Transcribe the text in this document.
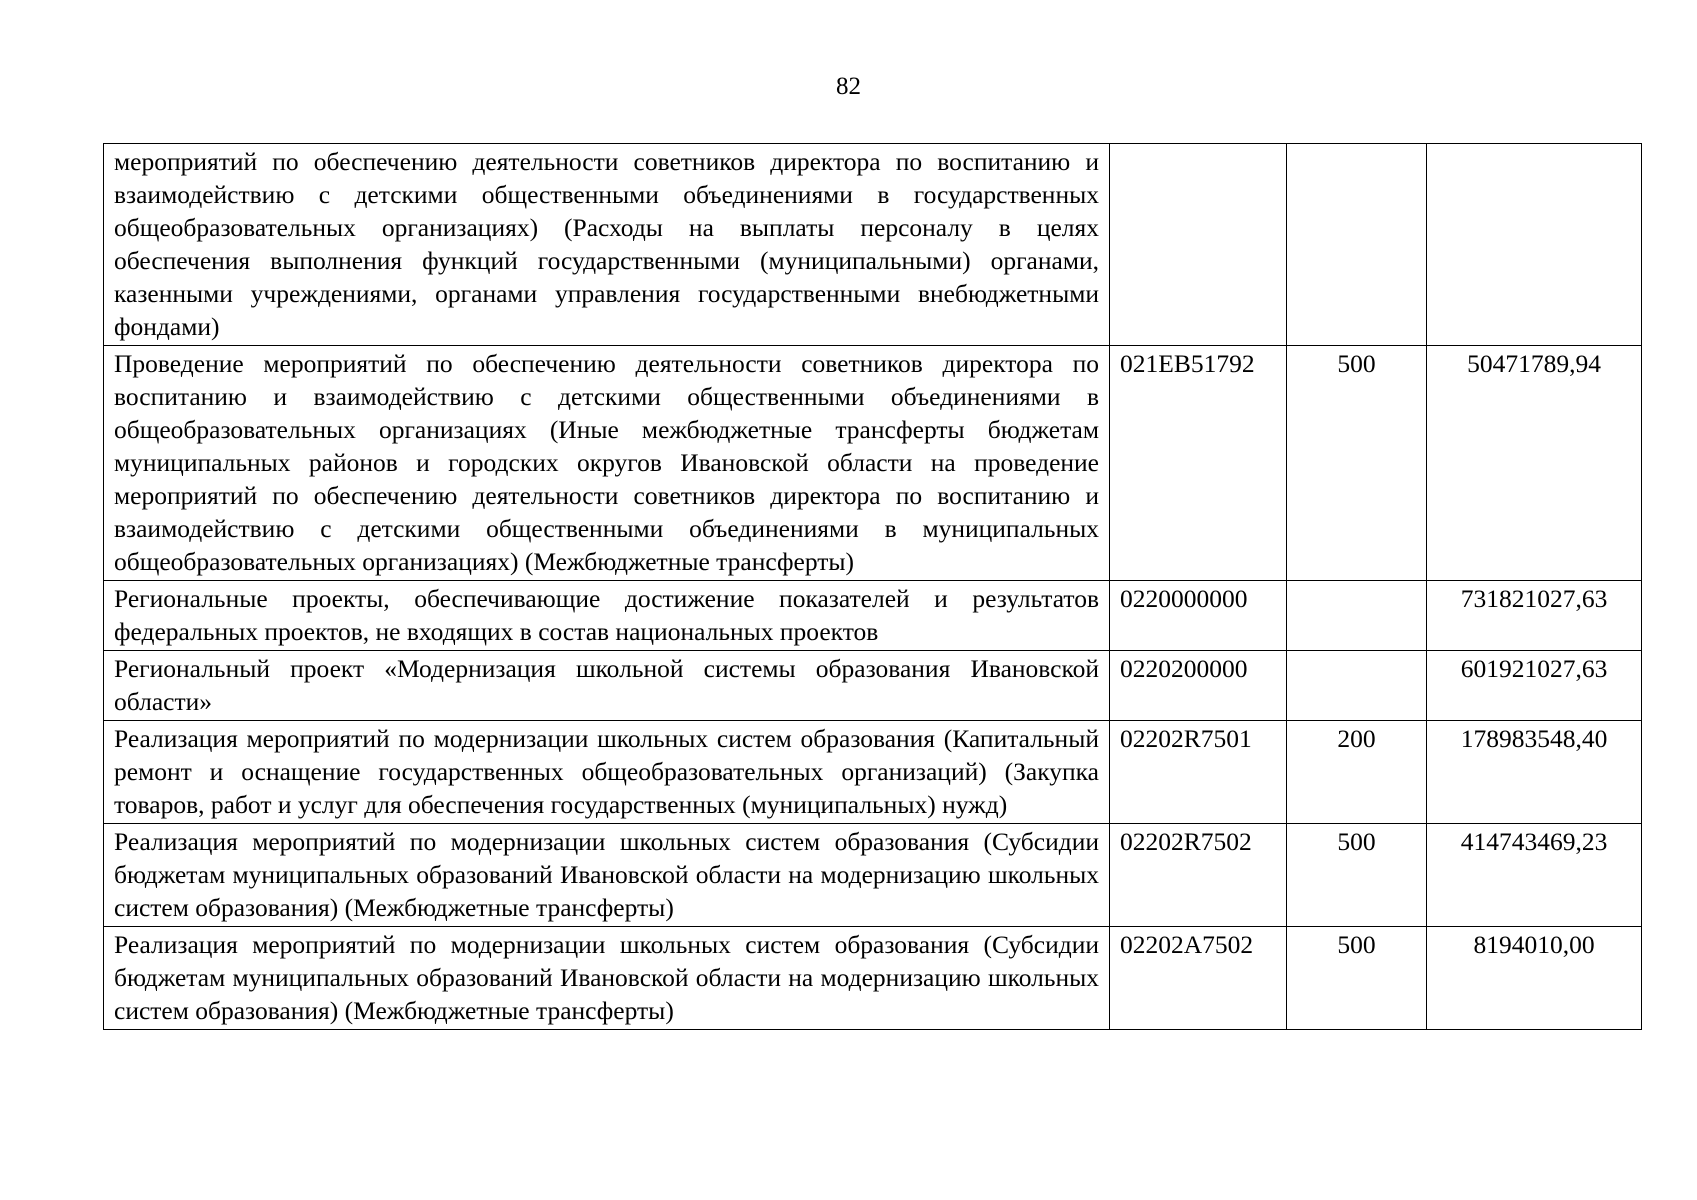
82
мероприятий по обеспечению деятельности советников директора по воспитанию и взаимодействию с детскими общественными объединениями в государственных общеобразовательных организациях) (Расходы на выплаты персоналу в целях обеспечения выполнения функций государственными (муниципальными) органами, казенными учреждениями, органами управления государственными внебюджетными фондами)			
Проведение мероприятий по обеспечению деятельности советников директора по воспитанию и взаимодействию с детскими общественными объединениями в общеобразовательных организациях (Иные межбюджетные трансферты бюджетам муниципальных районов и городских округов Ивановской области на проведение мероприятий по обеспечению деятельности советников директора по воспитанию и взаимодействию с детскими общественными объединениями в муниципальных общеобразовательных организациях) (Межбюджетные трансферты)	021EB51792	500	50471789,94
Региональные проекты, обеспечивающие достижение показателей и результатов федеральных проектов, не входящих в состав национальных проектов	0220000000		731821027,63
Региональный проект «Модернизация школьной системы образования Ивановской области»	0220200000		601921027,63
Реализация мероприятий по модернизации школьных систем образования (Капитальный ремонт и оснащение государственных общеобразовательных организаций) (Закупка товаров, работ и услуг для обеспечения государственных (муниципальных) нужд)	02202R7501	200	178983548,40
Реализация мероприятий по модернизации школьных систем образования (Субсидии бюджетам муниципальных образований Ивановской области на модернизацию школьных систем образования) (Межбюджетные трансферты)	02202R7502	500	414743469,23
Реализация мероприятий по модернизации школьных систем образования (Субсидии бюджетам муниципальных образований Ивановской области на модернизацию школьных систем образования) (Межбюджетные трансферты)	02202A7502	500	8194010,00
